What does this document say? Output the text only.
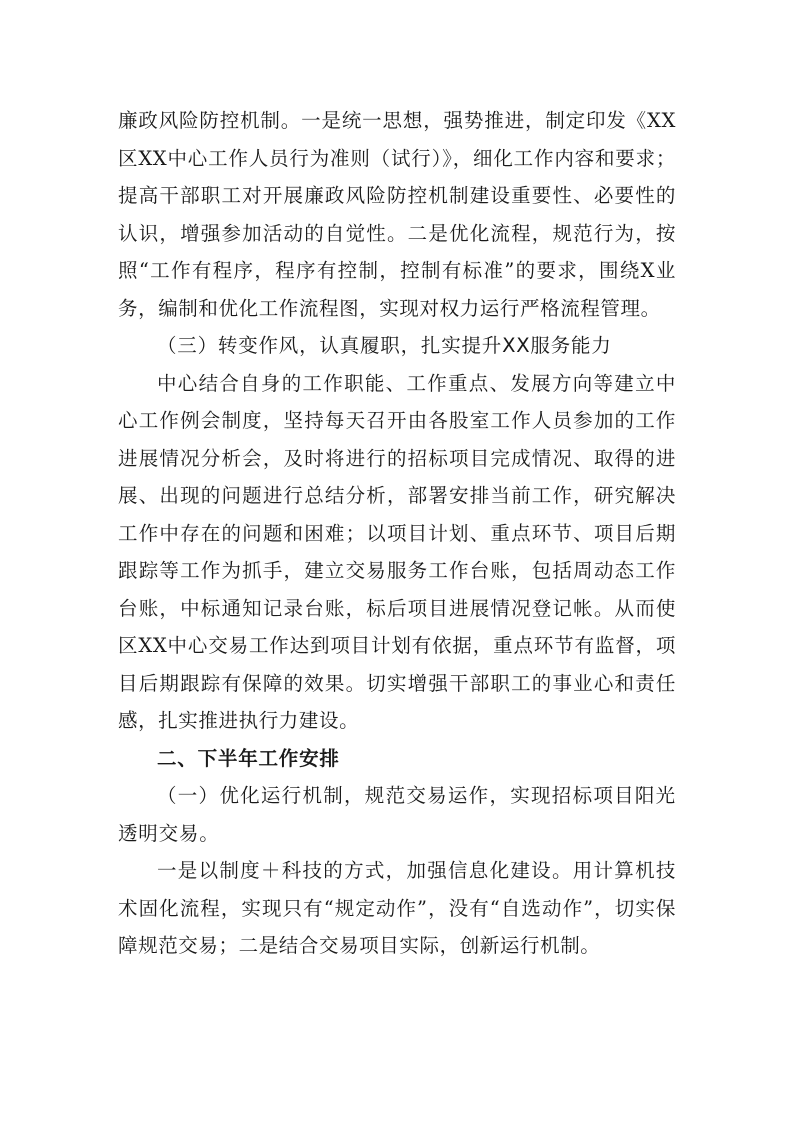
廉政风险防控机制。一是统一思想，强势推进，制定印发《XX区XX中心工作人员行为准则（试行）》，细化工作内容和要求；提高干部职工对开展廉政风险防控机制建设重要性、必要性的认识，增强参加活动的自觉性。二是优化流程，规范行为，按照“工作有程序，程序有控制，控制有标准”的要求，围绕X业务，编制和优化工作流程图，实现对权力运行严格流程管理。

（三）转变作风，认真履职，扎实提升XX服务能力

中心结合自身的工作职能、工作重点、发展方向等建立中心工作例会制度，坚持每天召开由各股室工作人员参加的工作进展情况分析会，及时将进行的招标项目完成情况、取得的进展、出现的问题进行总结分析，部署安排当前工作，研究解决工作中存在的问题和困难；以项目计划、重点环节、项目后期跟踪等工作为抓手，建立交易服务工作台账，包括周动态工作台账，中标通知记录台账，标后项目进展情况登记帐。从而使区XX中心交易工作达到项目计划有依据，重点环节有监督，项目后期跟踪有保障的效果。切实增强干部职工的事业心和责任感，扎实推进执行力建设。

二、下半年工作安排

（一）优化运行机制，规范交易运作，实现招标项目阳光透明交易。

一是以制度＋科技的方式，加强信息化建设。用计算机技术固化流程，实现只有“规定动作”，没有“自选动作”，切实保障规范交易；二是结合交易项目实际，创新运行机制。
